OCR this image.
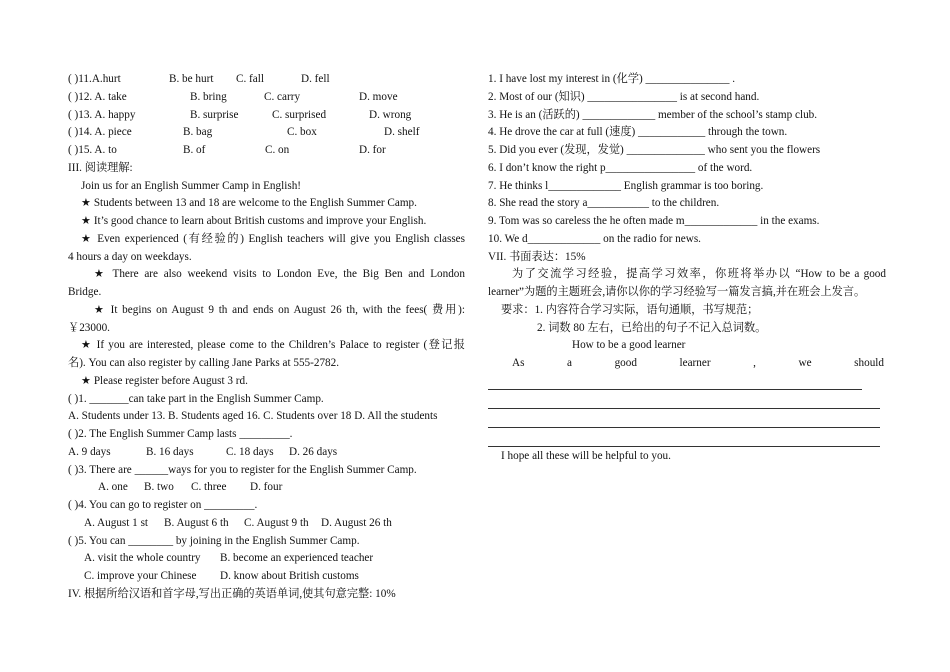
( )11.A.hurt	B. be hurt C. fall	D. fell
( )12. A. take	B. bring	C. carry	D. move
( )13. A. happy	B. surprise	C. surprised	D. wrong
( )14. A. piece	B. bag	C. box	D. shelf
( )15. A. to	B. of	C. on	D. for
III. 阅读理解:
Join us for an English Summer Camp in English!
★ Students between 13 and 18 are welcome to the English Summer Camp.
★ It’s good chance to learn about British customs and improve your English.
★ Even experienced (有经验的) English teachers will give you English classes
4 hours a day on weekdays.
★ There are also weekend visits to London Eve, the Big Ben and London
Bridge.
★ It begins on August 9 th and ends on August 26 th, with the fees( 费用):
￥23000.
★ If you are interested, please come to the Children’s Palace to register (登记报
名). You can also register by calling Jane Parks at 555-2782.
★ Please register before August 3 rd.
( )1. _______can take part in the English Summer Camp.
A. Students under 13. B. Students aged 16. C. Students over 18 D. All the students
( )2. The English Summer Camp lasts _________.
A. 9 days	B. 16 days	C. 18 days D. 26 days
( )3. There are ______ways for you to register for the English Summer Camp.
A. one B. two C. three D. four
( )4. You can go to register on _________.
A. August 1 st B. August 6 th C. August 9 th D. August 26 th
( )5. You can ________ by joining in the English Summer Camp.
A. visit the whole country B. become an experienced teacher
C. improve your Chinese D. know about British customs
IV. 根据所给汉语和首字母,写出正确的英语单词,使其句意完整: 10%
1. I have lost my interest in (化学) _______________ .
2. Most of our (知识) ________________ is at second hand.
3. He is an (活跃的) _____________ member of the school’s stamp club.
4. He drove the car at full (速度) ____________ through the town.
5. Did you ever (发现，发觉) ______________ who sent you the flowers
6. I don’t know the right p________________ of the word.
7. He thinks l_____________ English grammar is too boring.
8. She read the story a___________ to the children.
9. Tom was so careless the he often made m_____________ in the exams.
10. We d_____________ on the radio for news.
VII. 书面表达：15%
为了交流学习经验，提高学习效率，你班将举办以 “How to be a good learner”为题的主题班会,请你以你的学习经验写一篇发言搞,并在班会上发言。
要求：1. 内容符合学习实际，语句通顺，书写规范；
2. 词数 80 左右，已给出的句子不记入总词数。
How to be a good learner
As	a	good	learner	,	we	should
I hope all these will be helpful to you.
